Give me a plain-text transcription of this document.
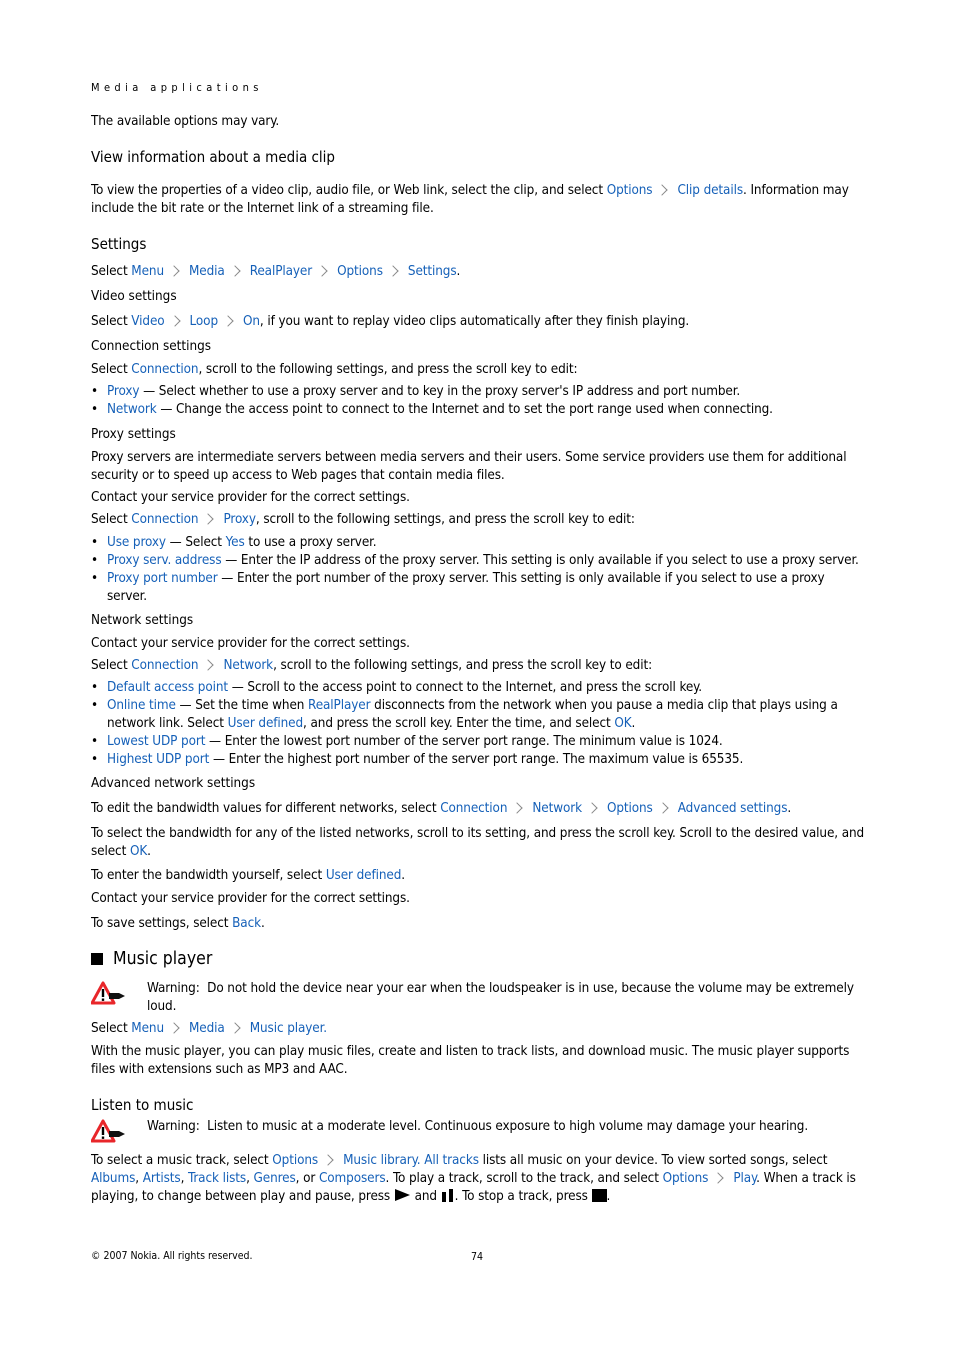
Media applications

The available options may vary.

View information about a media clip

To view the properties of a video clip, audio file, or Web link, select the clip, and select Options Clip details. Information may include the bit rate or the Internet link of a streaming file.

Settings

Select Menu Media RealPlayer Options Settings.

Video settings

Select Video Loop On, if you want to replay video clips automatically after they finish playing.

Connection settings

Select Connection, scroll to the following settings, and press the scroll key to edit:

• Proxy — Select whether to use a proxy server and to key in the proxy server's IP address and port number.
• Network — Change the access point to connect to the Internet and to set the port range used when connecting.
Proxy settings

Proxy servers are intermediate servers between media servers and their users. Some service providers use them for additional security or to speed up access to Web pages that contain media files.

Contact your service provider for the correct settings.

Select Connection Proxy, scroll to the following settings, and press the scroll key to edit:

• Use proxy — Select Yes to use a proxy server.
• Proxy serv. address — Enter the IP address of the proxy server. This setting is only available if you select to use a proxy server.
• Proxy port number — Enter the port number of the proxy server. This setting is only available if you select to use a proxy server.
Network settings

Contact your service provider for the correct settings.

Select Connection Network, scroll to the following settings, and press the scroll key to edit:

• Default access point — Scroll to the access point to connect to the Internet, and press the scroll key.
• Online time — Set the time when RealPlayer disconnects from the network when you pause a media clip that plays using a network link. Select User defined, and press the scroll key. Enter the time, and select OK.
• Lowest UDP port — Enter the lowest port number of the server port range. The minimum value is 1024.
• Highest UDP port — Enter the highest port number of the server port range. The maximum value is 65535.
Advanced network settings

To edit the bandwidth values for different networks, select Connection Network Options Advanced settings.

To select the bandwidth for any of the listed networks, scroll to its setting, and press the scroll key. Scroll to the desired value, and select OK.

To enter the bandwidth yourself, select User defined.

Contact your service provider for the correct settings.

To save settings, select Back.

Music player

Warning: Do not hold the device near your ear when the loudspeaker is in use, because the volume may be extremely loud.

Select Menu Media Music player.

With the music player, you can play music files, create and listen to track lists, and download music. The music player supports files with extensions such as MP3 and AAC.

Listen to music

Warning: Listen to music at a moderate level. Continuous exposure to high volume may damage your hearing.

To select a music track, select Options Music library. All tracks lists all music on your device. To view sorted songs, select Albums, Artists, Track lists, Genres, or Composers. To play a track, scroll to the track, and select Options Play. When a track is playing, to change between play and pause, press  and . To stop a track, press .

© 2007 Nokia. All rights reserved.	74
